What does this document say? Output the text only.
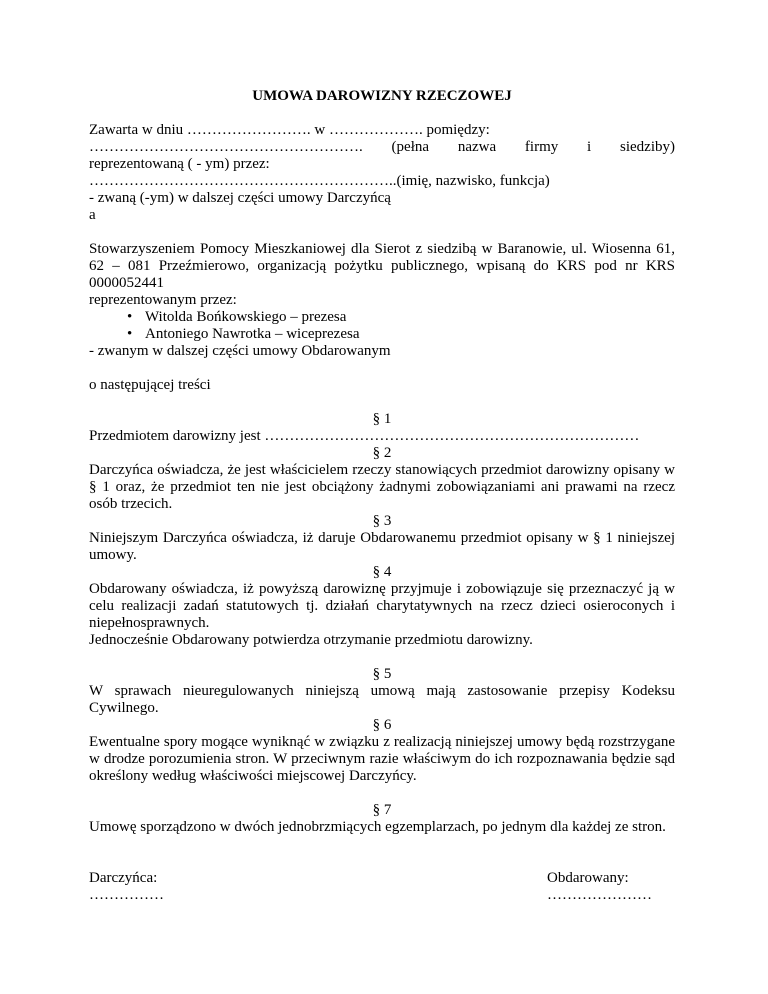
UMOWA DAROWIZNY RZECZOWEJ

Zawarta w dniu ……………………. w ………………. pomiędzy:

………………………………………………. (pełna nazwa firmy i siedziby)

reprezentowaną ( - ym) przez:

……………………………………………………..(imię, nazwisko, funkcja)

- zwaną (-ym) w dalszej części umowy Darczyńcą

a

Stowarzyszeniem Pomocy Mieszkaniowej dla Sierot z siedzibą w Baranowie, ul. Wiosenna 61, 62 – 081 Przeźmierowo, organizacją pożytku publicznego, wpisaną do KRS pod nr KRS 0000052441

reprezentowanym przez:

• Witolda Bońkowskiego – prezesa
• Antoniego Nawrotka – wiceprezesa

- zwanym w dalszej części umowy Obdarowanym

o następującej treści

§ 1

Przedmiotem darowizny jest …………………………………………………………………

§ 2

Darczyńca oświadcza, że jest właścicielem rzeczy stanowiących przedmiot darowizny opisany w § 1 oraz, że przedmiot ten nie jest obciążony żadnymi zobowiązaniami ani prawami na rzecz osób trzecich.

§ 3

Niniejszym Darczyńca oświadcza, iż daruje Obdarowanemu przedmiot opisany w § 1 niniejszej umowy.

§ 4

Obdarowany oświadcza, iż powyższą darowiznę przyjmuje i zobowiązuje się przeznaczyć ją w celu realizacji zadań statutowych tj. działań charytatywnych na rzecz dzieci osieroconych i niepełnosprawnych.

Jednocześnie Obdarowany potwierdza otrzymanie przedmiotu darowizny.

§ 5

W sprawach nieuregulowanych niniejszą umową mają zastosowanie przepisy Kodeksu Cywilnego.

§ 6

Ewentualne spory mogące wyniknąć w związku z realizacją niniejszej umowy będą rozstrzygane w drodze porozumienia stron. W przeciwnym razie właściwym do ich rozpoznawania będzie sąd określony według właściwości miejscowej Darczyńcy.

§ 7

Umowę sporządzono w dwóch jednobrzmiących egzemplarzach, po jednym dla każdej ze stron.

Darczyńca:

……………

Obdarowany:

…………………
